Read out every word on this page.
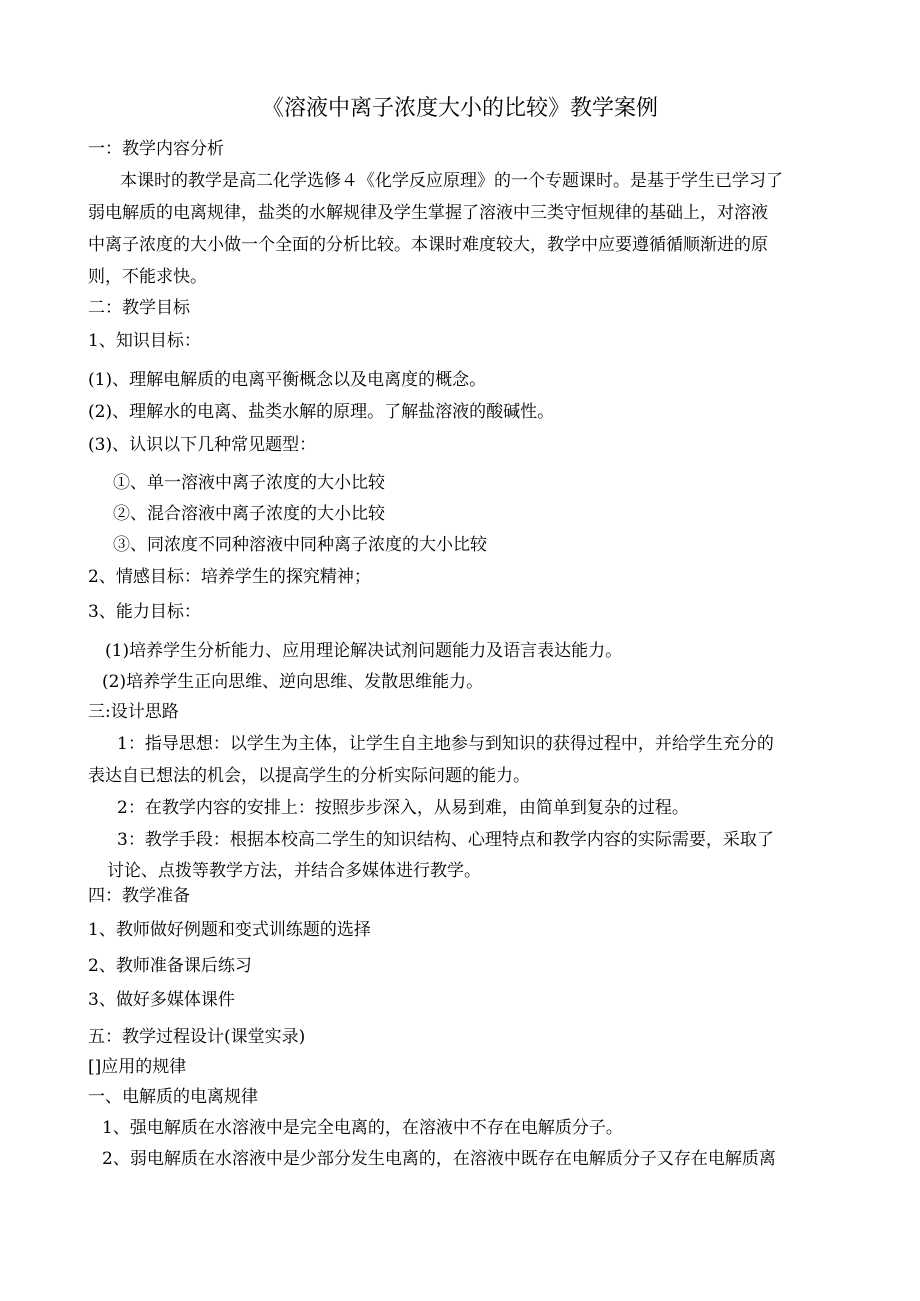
《溶液中离子浓度大小的比较》教学案例
一：教学内容分析
本课时的教学是高二化学选修４《化学反应原理》的一个专题课时。是基于学生已学习了
弱电解质的电离规律，盐类的水解规律及学生掌握了溶液中三类守恒规律的基础上，对溶液
中离子浓度的大小做一个全面的分析比较。本课时难度较大，教学中应要遵循循顺渐进的原
则，不能求快。
二：教学目标
1、知识目标：
(1)、理解电解质的电离平衡概念以及电离度的概念。
(2)、理解水的电离、盐类水解的原理。了解盐溶液的酸碱性。
(3)、认识以下几种常见题型：
①、单一溶液中离子浓度的大小比较
②、混合溶液中离子浓度的大小比较
③、同浓度不同种溶液中同种离子浓度的大小比较
2、情感目标：培养学生的探究精神；
3、能力目标：
(1)培养学生分析能力、应用理论解决试剂问题能力及语言表达能力。
(2)培养学生正向思维、逆向思维、发散思维能力。
三:设计思路
1：指导思想：以学生为主体，让学生自主地参与到知识的获得过程中，并给学生充分的
表达自已想法的机会，以提高学生的分析实际问题的能力。
2：在教学内容的安排上：按照步步深入，从易到难，由简单到复杂的过程。
3：教学手段：根据本校高二学生的知识结构、心理特点和教学内容的实际需要，采取了
讨论、点拨等教学方法，并结合多媒体进行教学。
四：教学准备
1、教师做好例题和变式训练题的选择
2、教师准备课后练习
3、做好多媒体课件
五：教学过程设计(课堂实录)
[]应用的规律
一、电解质的电离规律
1、强电解质在水溶液中是完全电离的，在溶液中不存在电解质分子。
2、弱电解质在水溶液中是少部分发生电离的，在溶液中既存在电解质分子又存在电解质离
